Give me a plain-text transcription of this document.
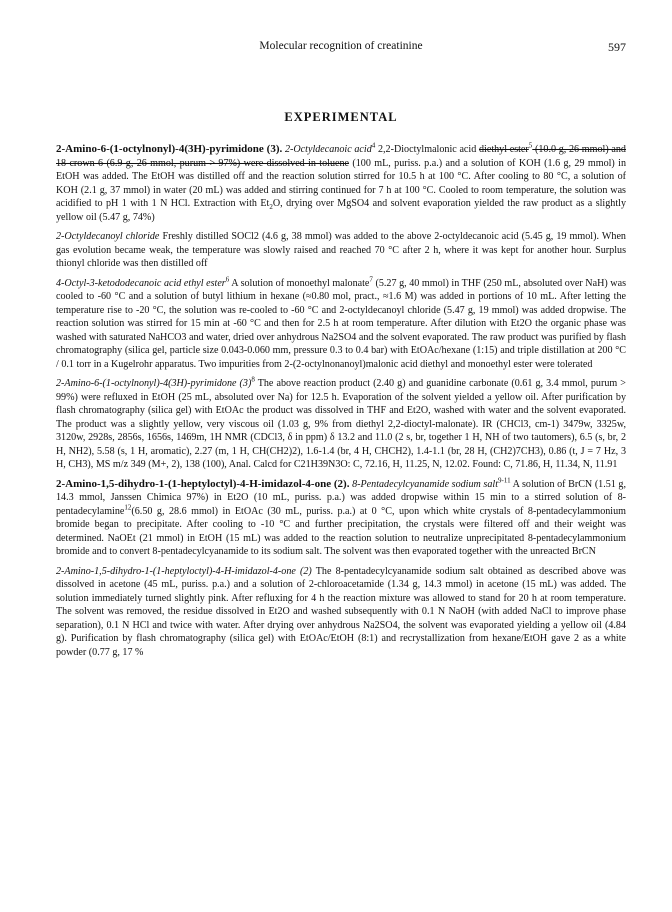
Molecular recognition of creatinine	597
EXPERIMENTAL

2-Amino-6-(1-octylnonyl)-4(3H)-pyrimidone (3). 2-Octyldecanoic acid$^4$ 2,2-Dioctylmalonic acid diethyl ester$^5$ (10.0 g, 26 mmol) and 18-crown-6 (6.9 g, 26 mmol, purum > 97%) were dissolved in toluene (100 mL, puriss. p.a.) and a solution of KOH (1.6 g, 29 mmol) in EtOH was added. The EtOH was distilled off and the reaction solution stirred for 10.5 h at 100 °C. After cooling to 80 °C, a solution of KOH (2.1 g, 37 mmol) in water (20 mL) was added and stirring continued for 7 h at 100 °C. Cooled to room temperature, the solution was acidified to pH 1 with 1 N HCl. Extraction with $Et_2O$, drying over MgSO4 and solvent evaporation yielded the raw product as a slightly yellow oil (5.47 g, 74%)

2-Octyldecanoyl chloride Freshly distilled SOCl2 (4.6 g, 38 mmol) was added to the above 2-octyldecanoic acid (5.45 g, 19 mmol). When gas evolution became weak, the temperature was slowly raised and reached 70 °C after 2 h, where it was kept for another hour. Surplus thionyl chloride was then distilled off

4-Octyl-3-ketododecanoic acid ethyl ester$^6$ A solution of monoethyl malonate$^7$ (5.27 g, 40 mmol) in THF (250 mL, absoluted over NaH) was cooled to -60 °C and a solution of butyl lithium in hexane (≈0.80 mol, pract., ≈1.6 M) was added in portions of 10 mL. After letting the temperature rise to -20 °C, the solution was re-cooled to -60 °C and 2-octyldecanoyl chloride (5.47 g, 19 mmol) was added dropwise. The reaction solution was stirred for 15 min at -60 °C and then for 2.5 h at room temperature. After dilution with Et2O the organic phase was washed with saturated NaHCO3 and water, dried over anhydrous Na2SO4 and the solvent evaporated. The raw product was purified by flash chromatography (silica gel, particle size 0.043-0.060 mm, pressure 0.3 to 0.4 bar) with EtOAc/hexane (1:15) and triple distillation at 200 °C / 0.1 torr in a Kugelrohr apparatus. Two impurities from 2-(2-octylnonanoyl)malonic acid diethyl and monoethyl ester were tolerated

2-Amino-6-(1-octylnonyl)-4(3H)-pyrimidone $(3)^8$ The above reaction product (2.40 g) and guanidine carbonate (0.61 g, 3.4 mmol, purum > 99%) were refluxed in EtOH (25 mL, absoluted over Na) for 12.5 h. Evaporation of the solvent yielded a yellow oil. After purification by flash chromatography (silica gel) with EtOAc the product was dissolved in THF and Et2O, washed with water and the solvent evaporated. The product was a slightly yellow, very viscous oil (1.03 g, 9% from diethyl 2,2-dioctyl-malonate). IR (CHCl3, cm-1) 3479w, 3325w, 3120w, 2928s, 2856s, 1656s, 1469m, 1H NMR (CDCl3, δ in ppm) δ 13.2 and 11.0 (2 s, br, together 1 H, NH of two tautomers), 6.5 (s, br, 2 H, NH2), 5.58 (s, 1 H, aromatic), 2.27 (m, 1 H, CH(CH2)2), 1.6-1.4 (br, 4 H, CHCH2), 1.4-1.1 (br, 28 H, (CH2)7CH3), 0.86 (t, J = 7 Hz, 3 H, CH3), MS m/z 349 (M+, 2), 138 (100), Anal. Calcd for C21H39N3O: C, 72.16, H, 11.25, N, 12.02. Found: C, 71.86, H, 11.34, N, 11.91

2-Amino-1,5-dihydro-1-(1-heptyloctyl)-4-H-imidazol-4-one (2). 8-Pentadecylcyanamide sodium salt$^{9-11}$ A solution of BrCN (1.51 g, 14.3 mmol, Janssen Chimica 97%) in Et2O (10 mL, puriss. p.a.) was added dropwise within 15 min to a stirred solution of 8-pentadecylamine$^{12}$(6.50 g, 28.6 mmol) in EtOAc (30 mL, puriss. p.a.) at 0 °C, upon which white crystals of 8-pentadecylammonium bromide began to precipitate. After cooling to -10 °C and further precipitation, the crystals were filtered off and their weight was determined. NaOEt (21 mmol) in EtOH (15 mL) was added to the reaction solution to neutralize unprecipitated 8-pentadecylammonium bromide and to convert 8-pentadecylcyanamide to its sodium salt. The solvent was then evaporated together with the unreacted BrCN

2-Amino-1,5-dihydro-1-(1-heptyloctyl)-4-H-imidazol-4-one (2) The 8-pentadecylcyanamide sodium salt obtained as described above was dissolved in acetone (45 mL, puriss. p.a.) and a solution of 2-chloroacetamide (1.34 g, 14.3 mmol) in acetone (15 mL) was added. The solution immediately turned slightly pink. After refluxing for 4 h the reaction mixture was allowed to stand for 20 h at room temperature. The solvent was removed, the residue dissolved in Et2O and washed subsequently with 0.1 N NaOH (with added NaCl to improve phase separation), 0.1 N HCl and twice with water. After drying over anhydrous Na2SO4, the solvent was evaporated yielding a yellow oil (4.84 g). Purification by flash chromatography (silica gel) with EtOAc/EtOH (8:1) and recrystallization from hexane/EtOH gave 2 as a white powder (0.77 g, 17 %
